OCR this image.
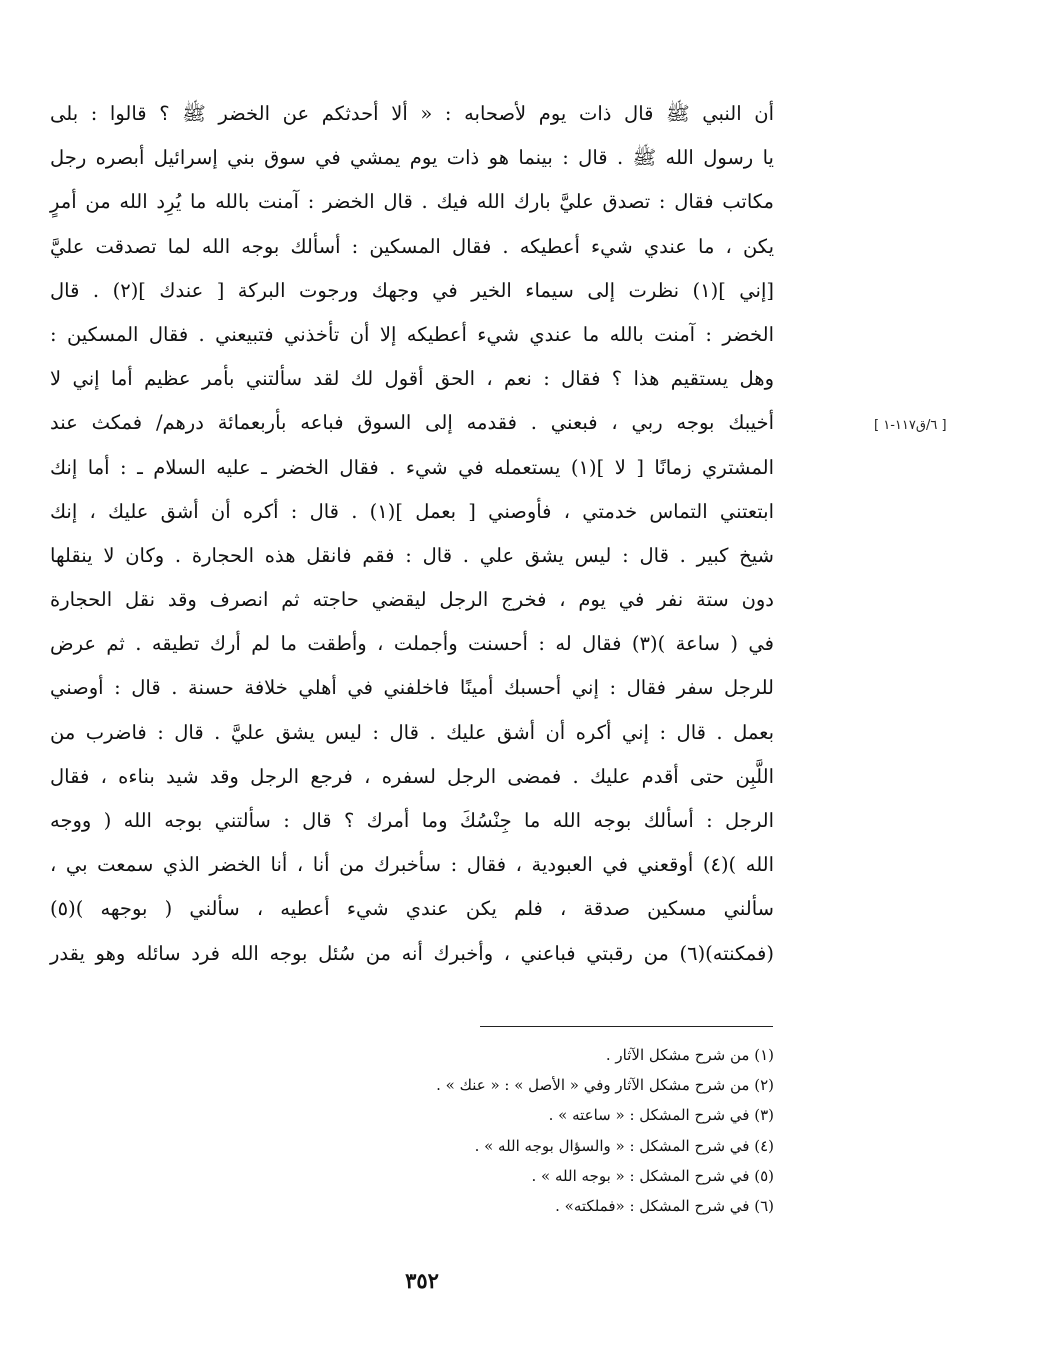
أن النبي ﷺ قال ذات يوم لأصحابه : « ألا أحدثكم عن الخضر ﷺ ؟ قالوا : بلى
يا رسول الله ﷺ . قال : بينما هو ذات يوم يمشي في سوق بني إسرائيل أبصره رجل
مكاتب فقال : تصدق عليَّ بارك الله فيك . قال الخضر : آمنت بالله ما يُرِد الله من أمرٍ
يكن ، ما عندي شيء أعطيكه . فقال المسكين : أسألك بوجه الله لما تصدقت عليَّ
[إني ](١) نظرت إلى سيماء الخير في وجهك ورجوت البركة [ عندك ](٢) . قال
الخضر : آمنت بالله ما عندي شيء أعطيكه إلا أن تأخذني فتبيعني . فقال المسكين :
وهل يستقيم هذا ؟ فقال : نعم ، الحق أقول لك لقد سألتني بأمر عظيم أما إني لا
أخيبك بوجه ربي ، فبعني . فقدمه إلى السوق فباعه بأربعمائة درهم/ فمكث عند
المشتري زمانًا [ لا ](١) يستعمله في شيء . فقال الخضر ـ عليه السلام ـ : أما إنك
ابتعتني التماس خدمتي ، فأوصني [ بعمل ](١) . قال : أكره أن أشق عليك ، إنك
شيخ كبير . قال : ليس يشق علي . قال : فقم فانقل هذه الحجارة . وكان لا ينقلها
دون ستة نفر في يوم ، فخرج الرجل ليقضي حاجته ثم انصرف وقد نقل الحجارة
في ( ساعة )(٣) فقال له : أحسنت وأجملت ، وأطقت ما لم أرك تطيقه . ثم عرض
للرجل سفر فقال : إني أحسبك أمينًا فاخلفني في أهلي خلافة حسنة . قال : أوصني
بعمل . قال : إني أكره أن أشق عليك . قال : ليس يشق عليَّ . قال : فاضرب من
اللَّبِن حتى أقدم عليك . فمضى الرجل لسفره ، فرجع الرجل وقد شيد بناءه ، فقال
الرجل : أسألك بوجه الله ما جِنْسُكَ وما أمرك ؟ قال : سألتني بوجه الله ( ووجه
الله )(٤) أوقعني في العبودية ، فقال : سأخبرك من أنا ، أنا الخضر الذي سمعت بي ،
سألني مسكين صدقة ، فلم يكن عندي شيء أعطيه ، سألني ( بوجهه )(٥)
(فمكنته)(٦) من رقبتي فباعني ، وأخبرك أنه من سُئل بوجه الله فرد سائله وهو يقدر
[ ٦/ق١١٧-١ ]
(١) من شرح مشكل الآثار .
(٢) من شرح مشكل الآثار وفي « الأصل » : « عنك » .
(٣) في شرح المشكل : « ساعته » .
(٤) في شرح المشكل : « والسؤال بوجه الله » .
(٥) في شرح المشكل : « بوجه الله » .
(٦) في شرح المشكل : «فملكته» .
٣٥٢
